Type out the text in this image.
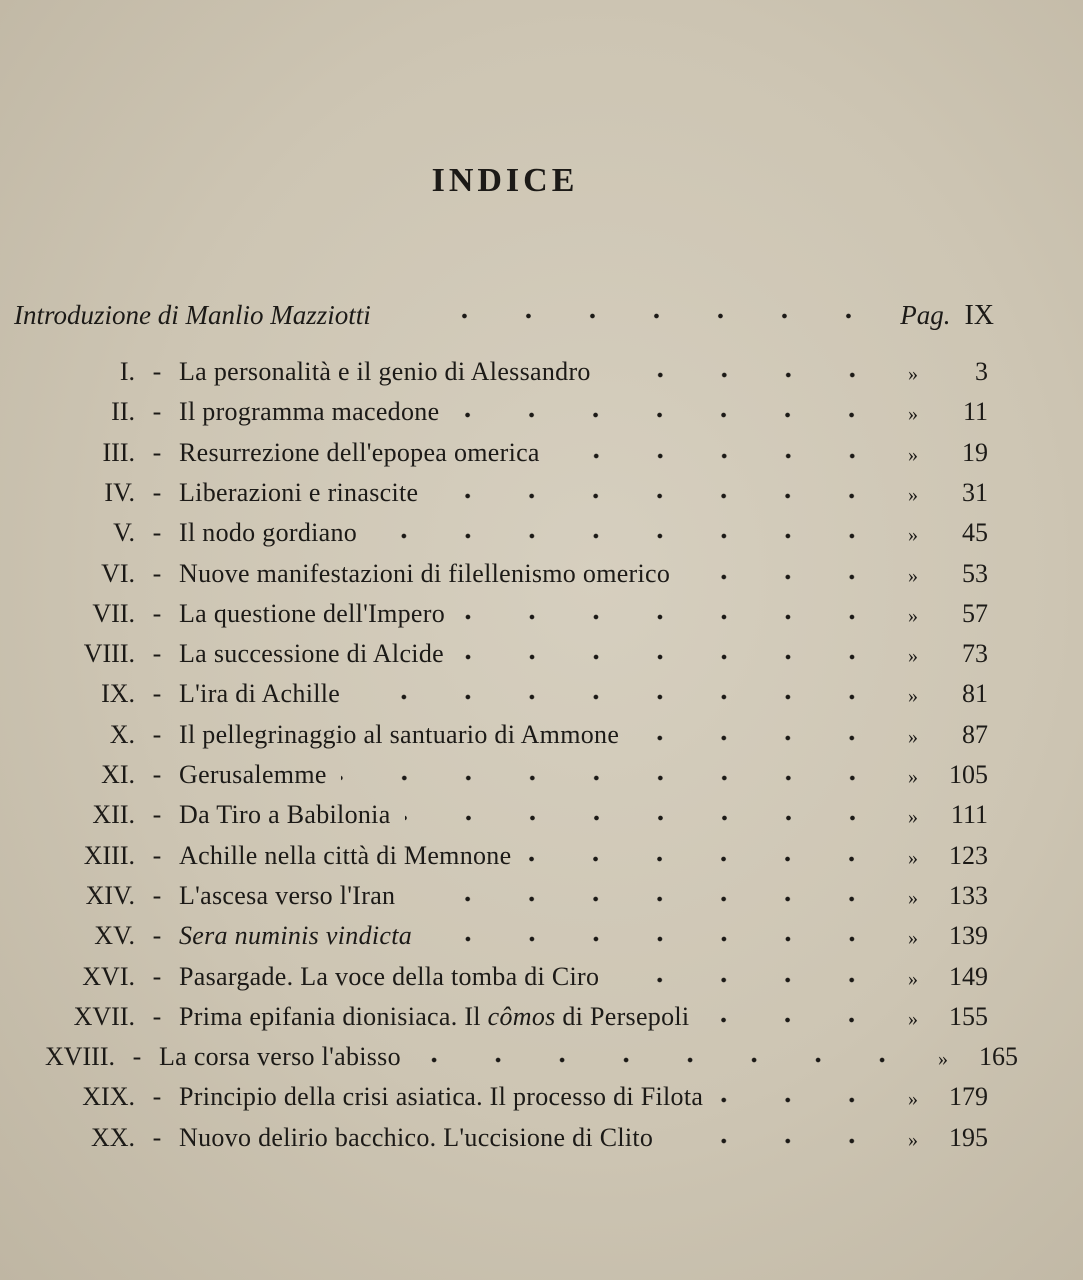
INDICE
Introduzione di Manlio Mazziotti	Pag. IX
I. - La personalità e il genio di Alessandro	»	3
II. - Il programma macedone	»	11
III. - Resurrezione dell'epopea omerica	»	19
IV. - Liberazioni e rinascite	»	31
V. - Il nodo gordiano	»	45
VI. - Nuove manifestazioni di filellenismo omerico	»	53
VII. - La questione dell'Impero	»	57
VIII. - La successione di Alcide	»	73
IX. - L'ira di Achille	»	81
X. - Il pellegrinaggio al santuario di Ammone	»	87
XI. - Gerusalemme	»	105
XII. - Da Tiro a Babilonia	»	111
XIII. - Achille nella città di Memnone	»	123
XIV. - L'ascesa verso l'Iran	»	133
XV. - Sera numinis vindicta	»	139
XVI. - Pasargade. La voce della tomba di Ciro	»	149
XVII. - Prima epifania dionisiaca. Il cômos di Persepoli	»	155
XVIII. - La corsa verso l'abisso	»	165
XIX. - Principio della crisi asiatica. Il processo di Filota	»	179
XX. - Nuovo delirio bacchico. L'uccisione di Clito	»	195
